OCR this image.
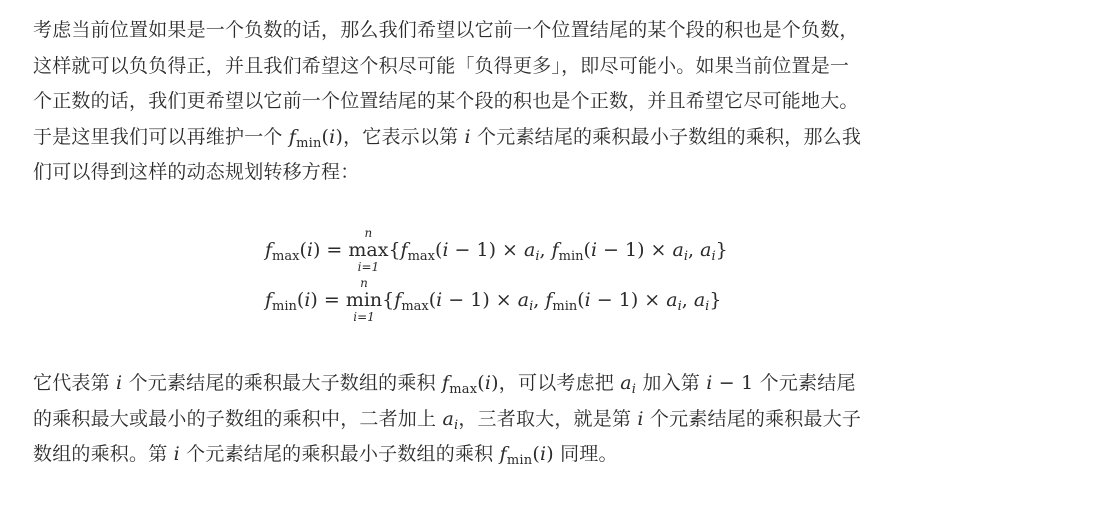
考虑当前位置如果是一个负数的话，那么我们希望以它前一个位置结尾的某个段的积也是个负数，
这样就可以负负得正，并且我们希望这个积尽可能「负得更多」，即尽可能小。如果当前位置是一
个正数的话，我们更希望以它前一个位置结尾的某个段的积也是个正数，并且希望它尽可能地大。
于是这里我们可以再维护一个 $f_{min}(i)$，它表示以第 i 个元素结尾的乘积最小子数组的乘积，那么我
们可以得到这样的动态规划转移方程：
$f_{max}(i) = \max$
n
i=1
{$f_{max}(i - 1) \times a_i$, $f_{min}(i - 1) \times a_i$, $a_i$}
$f_{min}(i) = \min$
n
i=1
{$f_{max}(i - 1) \times a_i$, $f_{min}(i - 1) \times a_i$, $a_i$}
它代表第 i 个元素结尾的乘积最大子数组的乘积 $f_{max}(i)$，可以考虑把 $a_i$ 加入第 i − 1 个元素结尾
的乘积最大或最小的子数组的乘积中，二者加上 $a_i$，三者取大，就是第 i 个元素结尾的乘积最大子
数组的乘积。第 i 个元素结尾的乘积最小子数组的乘积 $f_{min}(i)$ 同理。
